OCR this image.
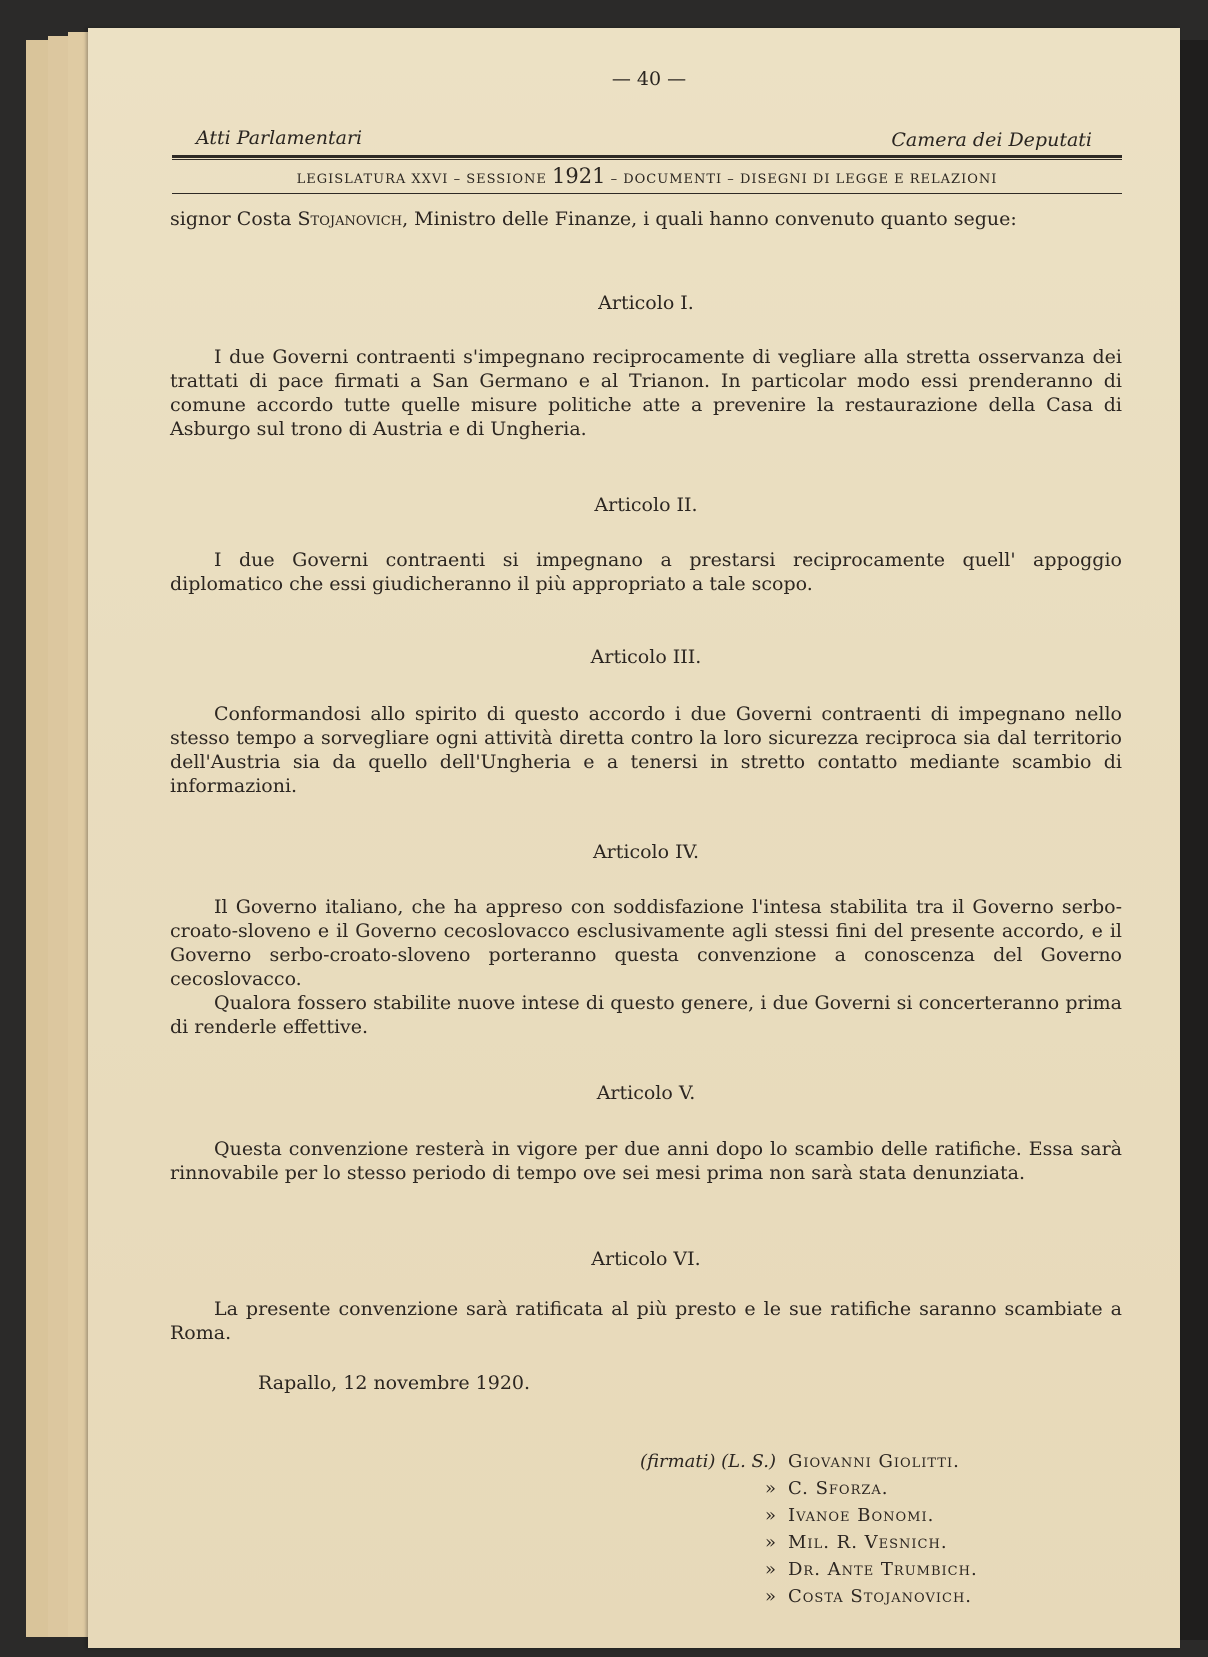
— 40 —
Atti Parlamentari	Camera dei Deputati
LEGISLATURA XXVI – SESSIONE 1921 – DOCUMENTI – DISEGNI DI LEGGE E RELAZIONI

signor Costa Stojanovich, Ministro delle Finanze, i quali hanno convenuto quanto segue:

Articolo I.

I due Governi contraenti s'impegnano reciprocamente di vegliare alla stretta osservanza dei trattati di pace firmati a San Germano e al Trianon. In particolar modo essi prenderanno di comune accordo tutte quelle misure politiche atte a prevenire la restaurazione della Casa di Asburgo sul trono di Austria e di Ungheria.

Articolo II.

I due Governi contraenti si impegnano a prestarsi reciprocamente quell' appoggio diplomatico che essi giudicheranno il più appropriato a tale scopo.

Articolo III.

Conformandosi allo spirito di questo accordo i due Governi contraenti di impegnano nello stesso tempo a sorvegliare ogni attività diretta contro la loro sicurezza reciproca sia dal territorio dell'Austria sia da quello dell'Ungheria e a tenersi in stretto contatto mediante scambio di informazioni.

Articolo IV.

Il Governo italiano, che ha appreso con soddisfazione l'intesa stabilita tra il Governo serbo-croato-sloveno e il Governo cecoslovacco esclusivamente agli stessi fini del presente accordo, e il Governo serbo-croato-sloveno porteranno questa convenzione a conoscenza del Governo cecoslovacco.

Qualora fossero stabilite nuove intese di questo genere, i due Governi si concerteranno prima di renderle effettive.

Articolo V.

Questa convenzione resterà in vigore per due anni dopo lo scambio delle ratifiche. Essa sarà rinnovabile per lo stesso periodo di tempo ove sei mesi prima non sarà stata denunziata.

Articolo VI.

La presente convenzione sarà ratificata al più presto e le sue ratifiche saranno scambiate a Roma.

Rapallo, 12 novembre 1920.
(firmati) (L. S.) Giovanni Giolitti.
» C. Sforza.
» Ivanoe Bonomi.
» Mil. R. Vesnich.
» Dr. Ante Trumbich.
» Costa Stojanovich.
